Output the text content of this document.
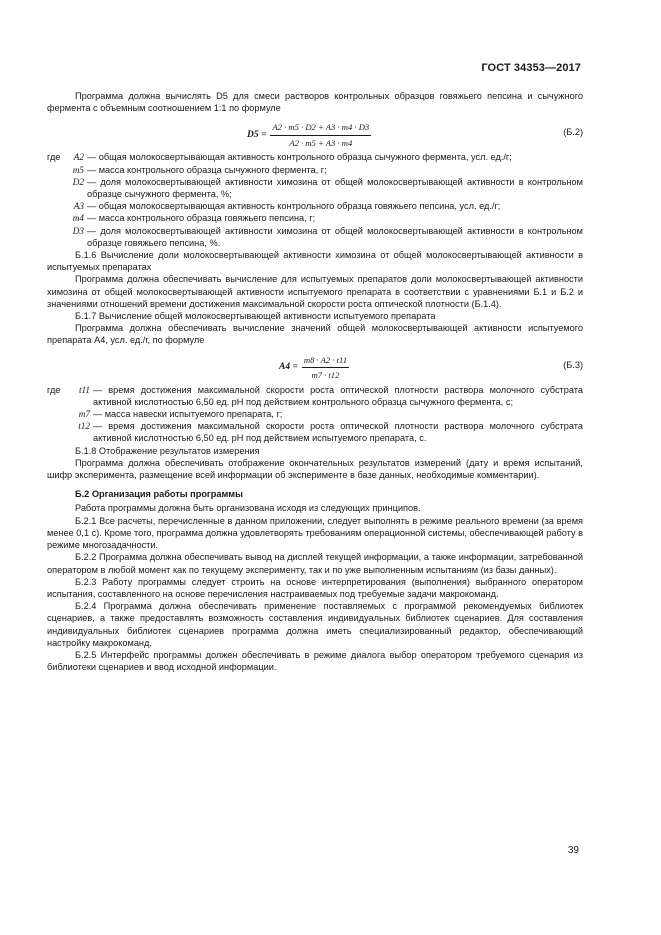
ГОСТ 34353—2017

Программа должна вычислять D5 для смеси растворов контрольных образцов говяжьего пепсина и сычужного фермента с объемным соотношением 1:1 по формуле

$D5 = \frac{A2 \cdot m5 \cdot D2 + A3 \cdot m4 \cdot D3}{A2 \cdot m5 + A3 \cdot m4}$	(Б.2)
где A2 — общая молокосвертывающая активность контрольного образца сычужного фермента, усл. ед./г;
m5 — масса контрольного образца сычужного фермента, г;
D2 — доля молокосвертывающей активности химозина от общей молокосвертывающей активности в контрольном образце сычужного фермента, %;
A3 — общая молокосвертывающая активность контрольного образца говяжьего пепсина, усл. ед./г;
m4 — масса контрольного образца говяжьего пепсина, г;
D3 — доля молокосвертывающей активности химозина от общей молокосвертывающей активности в контрольном образце говяжьего пепсина, %.

Б.1.6 Вычисление доли молокосвертывающей активности химозина от общей молокосвертывающей активности в испытуемых препаратах

Программа должна обеспечивать вычисление для испытуемых препаратов доли молокосвертывающей активности химозина от общей молокосвертывающей активности испытуемого препарата в соответствии с уравнениями Б.1 и Б.2 и значениями отношений времени достижения максимальной скорости роста оптической плотности (Б.1.4).

Б.1.7 Вычисление общей молокосвертывающей активности испытуемого препарата

Программа должна обеспечивать вычисление значений общей молокосвертывающей активности испытуемого препарата A4, усл. ед./г, по формуле

$A4 = \frac{m8 \cdot A2 \cdot t11}{m7 \cdot t12}$	(Б.3)
где t11 — время достижения максимальной скорости роста оптической плотности раствора молочного субстрата активной кислотностью 6,50 ед. pH под действием контрольного образца сычужного фермента, с;
m7 — масса навески испытуемого препарата, г;
t12 — время достижения максимальной скорости роста оптической плотности раствора молочного субстрата активной кислотностью 6,50 ед. pH под действием испытуемого препарата, с.

Б.1.8 Отображение результатов измерения

Программа должна обеспечивать отображение окончательных результатов измерений (дату и время испытаний, шифр эксперимента, размещение всей информации об эксперименте в базе данных, необходимые комментарии).

Б.2 Организация работы программы

Работа программы должна быть организована исходя из следующих принципов.

Б.2.1 Все расчеты, перечисленные в данном приложении, следует выполнять в режиме реального времени (за время менее 0,1 с). Кроме того, программа должна удовлетворять требованиям операционной системы, обеспечивающей работу в режиме многозадачности.

Б.2.2 Программа должна обеспечивать вывод на дисплей текущей информации, а также информации, затребованной оператором в любой момент как по текущему эксперименту, так и по уже выполненным испытаниям (из базы данных).

Б.2.3 Работу программы следует строить на основе интерпретирования (выполнения) выбранного оператором испытания, составленного на основе перечисления настраиваемых под требуемые задачи макрокоманд.

Б.2.4 Программа должна обеспечивать применение поставляемых с программой рекомендуемых библиотек сценариев, а также предоставлять возможность составления индивидуальных библиотек сценариев. Для составления индивидуальных библиотек сценариев программа должна иметь специализированный редактор, обеспечивающий настройку макрокоманд.

Б.2.5 Интерфейс программы должен обеспечивать в режиме диалога выбор оператором требуемого сценария из библиотеки сценариев и ввод исходной информации.

39
